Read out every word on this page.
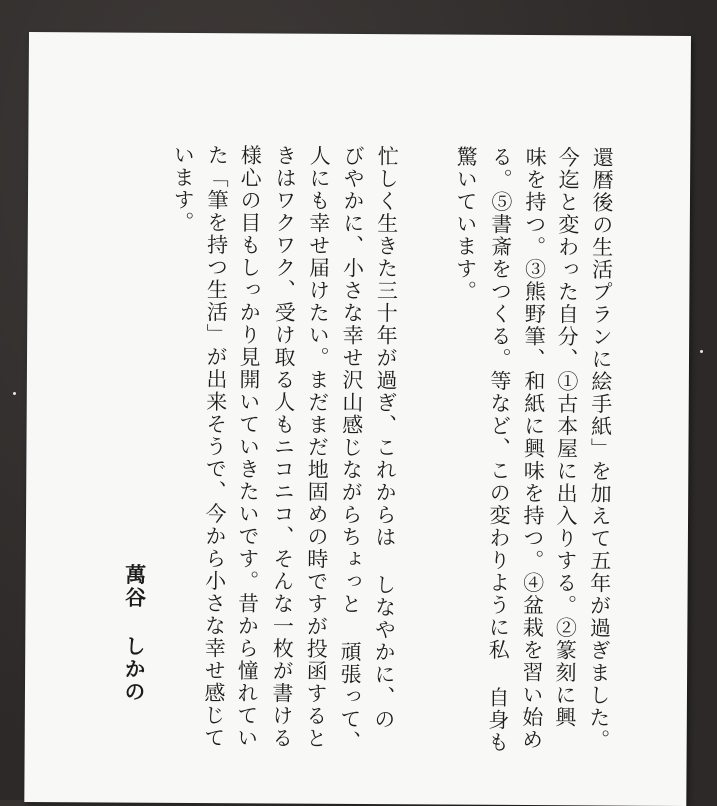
還暦後の生活プランに絵手紙」を加えて五年が過ぎました。
今迄と変わった自分、①古本屋に出入りする。②篆刻に興
味を持つ。③熊野筆、和紙に興味を持つ。④盆栽を習い始め
る。⑤書斎をつくる。等など、この変わりように私 自身も
驚いています。
忙しく生きた三十年が過ぎ、これからは しなやかに、の
びやかに、小さな幸せ沢山感じながらちょっと 頑張って、
人にも幸せ届けたい。まだまだ地固めの時ですが投函すると
きはワクワク、受け取る人もニコニコ、そんな一枚が書ける
様心の目もしっかり見開いていきたいです。昔から憧れてい
た「筆を持つ生活」が出来そうで、今から小さな幸せ感じて
います。
萬谷 しかの
